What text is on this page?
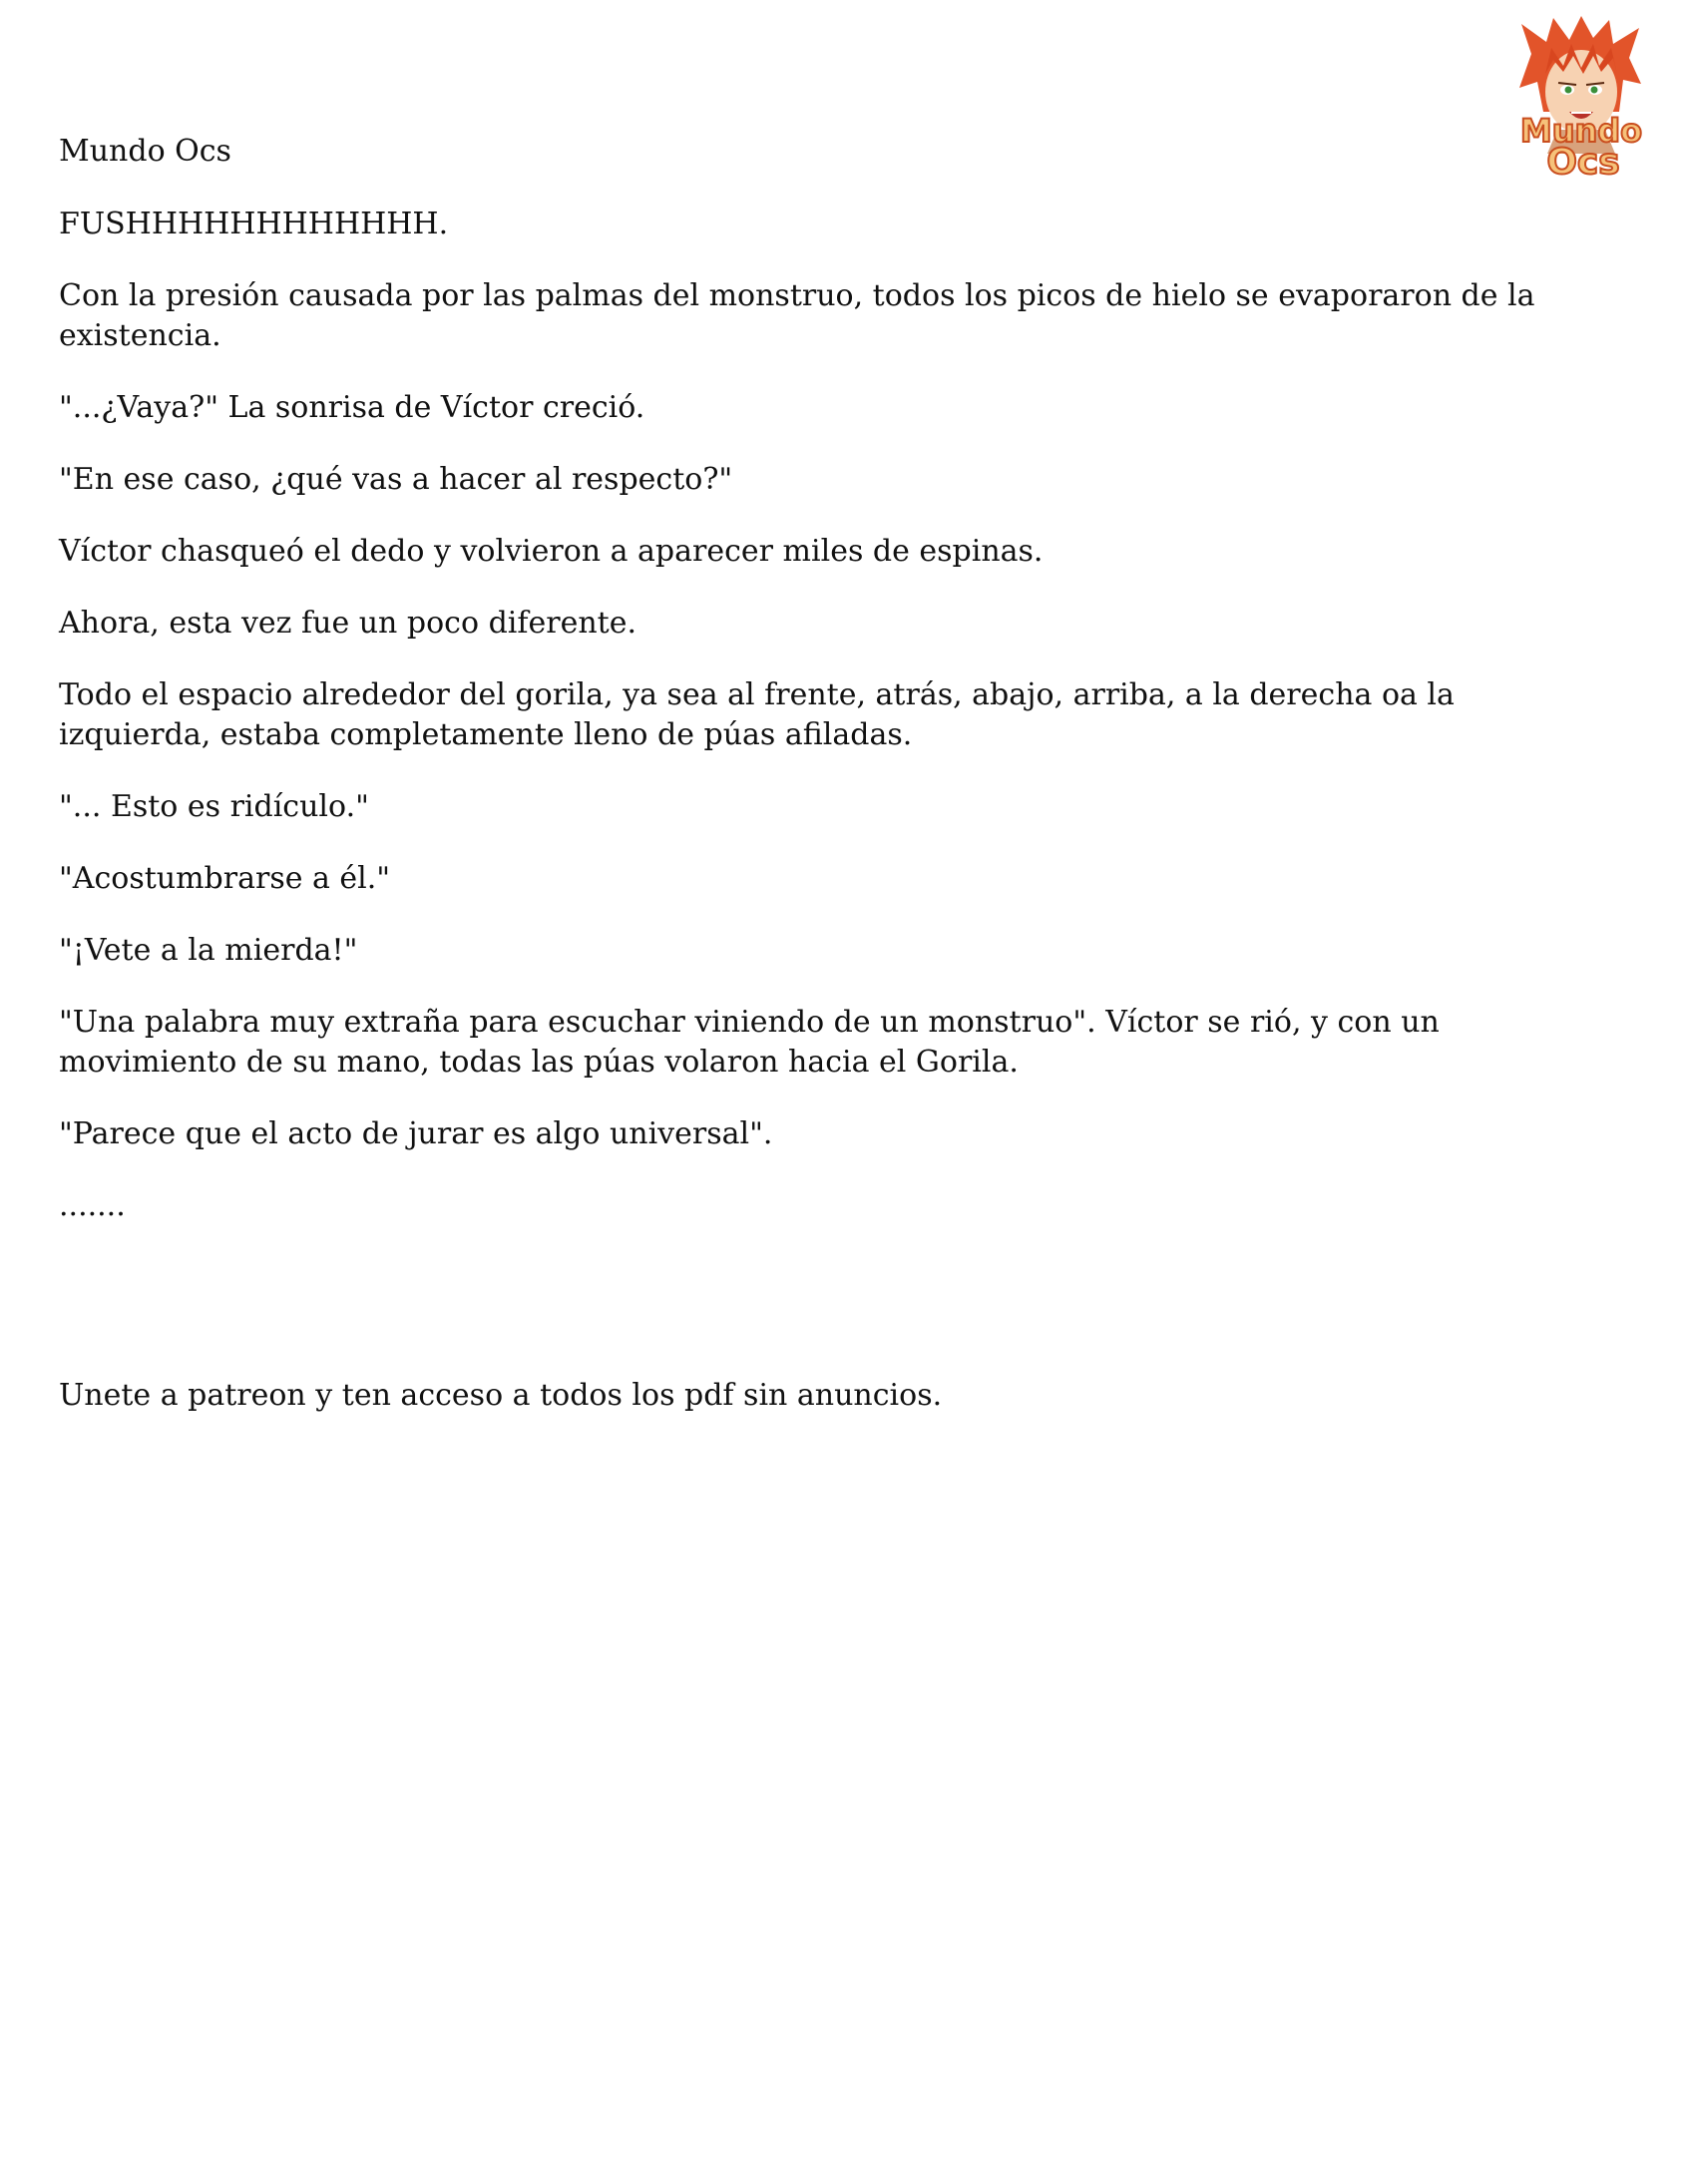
Mundo
Ocs
Mundo Ocs

FUSHHHHHHHHHHHH.

Con la presión causada por las palmas del monstruo, todos los picos de hielo se evaporaron de la existencia.

"...¿Vaya?" La sonrisa de Víctor creció.

"En ese caso, ¿qué vas a hacer al respecto?"

Víctor chasqueó el dedo y volvieron a aparecer miles de espinas.

Ahora, esta vez fue un poco diferente.

Todo el espacio alrededor del gorila, ya sea al frente, atrás, abajo, arriba, a la derecha oa la izquierda, estaba completamente lleno de púas afiladas.

"... Esto es ridículo."

"Acostumbrarse a él."

"¡Vete a la mierda!"

"Una palabra muy extraña para escuchar viniendo de un monstruo". Víctor se rió, y con un movimiento de su mano, todas las púas volaron hacia el Gorila.

"Parece que el acto de jurar es algo universal".

.......

Unete a patreon y ten acceso a todos los pdf sin anuncios.
